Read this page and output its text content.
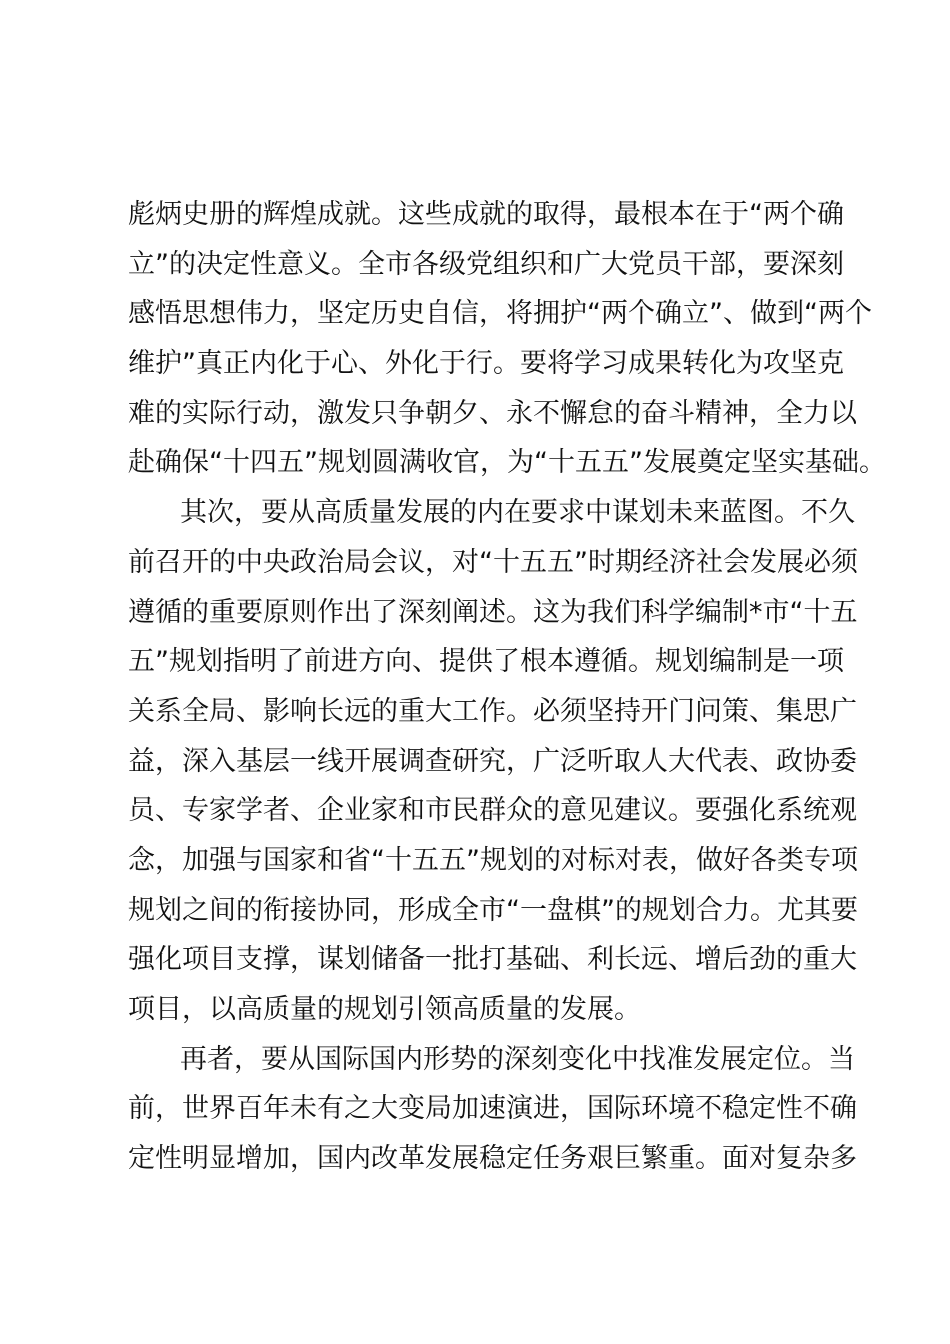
彪炳史册的辉煌成就。这些成就的取得，最根本在于“两个确
立”的决定性意义。全市各级党组织和广大党员干部，要深刻
感悟思想伟力，坚定历史自信，将拥护“两个确立”、做到“两个
维护”真正内化于心、外化于行。要将学习成果转化为攻坚克
难的实际行动，激发只争朝夕、永不懈怠的奋斗精神，全力以
赴确保“十四五”规划圆满收官，为“十五五”发展奠定坚实基础。
其次，要从高质量发展的内在要求中谋划未来蓝图。不久
前召开的中央政治局会议，对“十五五”时期经济社会发展必须
遵循的重要原则作出了深刻阐述。这为我们科学编制*市“十五
五”规划指明了前进方向、提供了根本遵循。规划编制是一项
关系全局、影响长远的重大工作。必须坚持开门问策、集思广
益，深入基层一线开展调查研究，广泛听取人大代表、政协委
员、专家学者、企业家和市民群众的意见建议。要强化系统观
念，加强与国家和省“十五五”规划的对标对表，做好各类专项
规划之间的衔接协同，形成全市“一盘棋”的规划合力。尤其要
强化项目支撑，谋划储备一批打基础、利长远、增后劲的重大
项目，以高质量的规划引领高质量的发展。
再者，要从国际国内形势的深刻变化中找准发展定位。当
前，世界百年未有之大变局加速演进，国际环境不稳定性不确
定性明显增加，国内改革发展稳定任务艰巨繁重。面对复杂多
